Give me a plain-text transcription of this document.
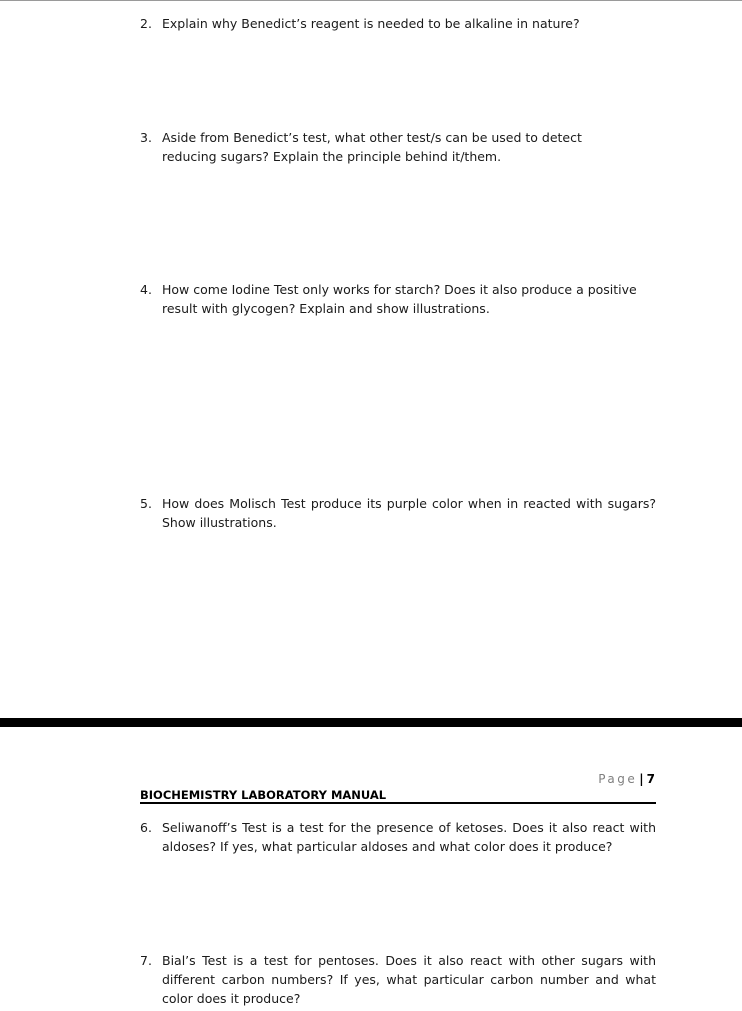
2. Explain why Benedict’s reagent is needed to be alkaline in nature?
3. Aside from Benedict’s test, what other test/s can be used to detect reducing sugars? Explain the principle behind it/them.
4. How come Iodine Test only works for starch? Does it also produce a positive result with glycogen? Explain and show illustrations.
5. How does Molisch Test produce its purple color when in reacted with sugars? Show illustrations.
Page | 7
BIOCHEMISTRY LABORATORY MANUAL
6. Seliwanoff’s Test is a test for the presence of ketoses. Does it also react with aldoses? If yes, what particular aldoses and what color does it produce?
7. Bial’s Test is a test for pentoses. Does it also react with other sugars with different carbon numbers? If yes, what particular carbon number and what color does it produce?
